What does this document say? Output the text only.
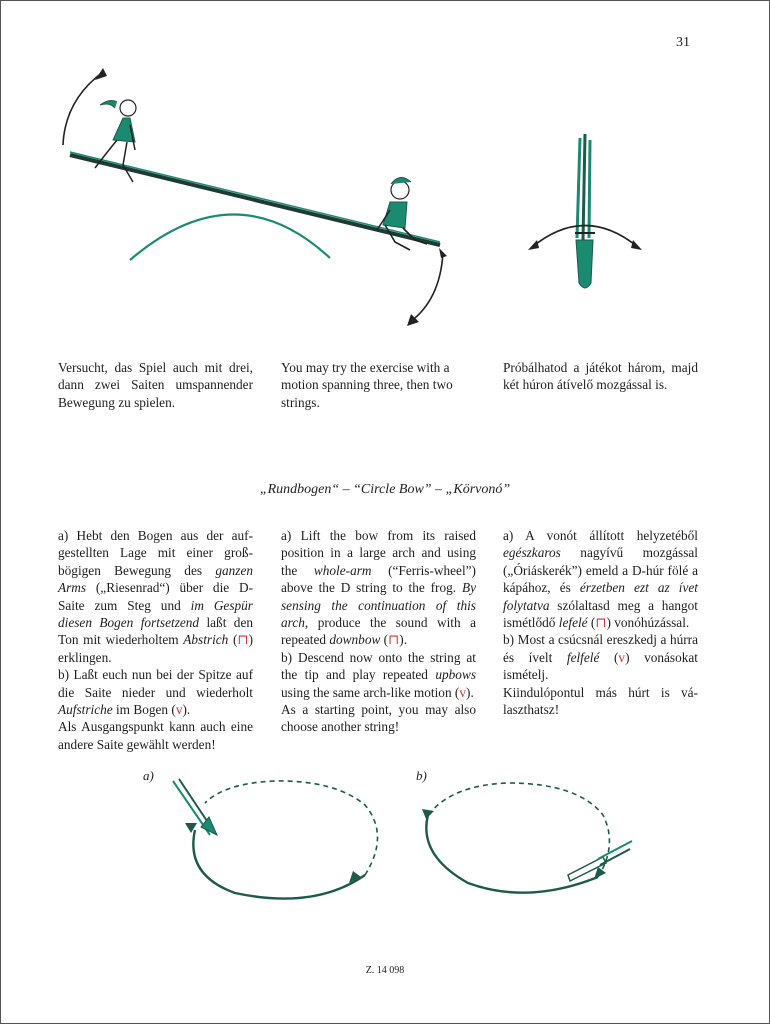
31

Versucht, das Spiel auch mit drei, dann zwei Saiten umspannender Bewegung zu spielen.

You may try the exercise with a motion spanning three, then two strings.

Próbálhatod a játékot három, majd két húron átívelő mozgással is.

„Rundbogen“ – “Circle Bow” – „Körvonó”

a) Hebt den Bogen aus der aufgestellten Lage mit einer großbögigen Bewegung des ganzen Arms („Riesenrad“) über die D-Saite zum Steg und im Gespür diesen Bogen fortsetzend laßt den Ton mit wiederholtem Abstrich (⊓) erklingen.

b) Laßt euch nun bei der Spitze auf die Saite nieder und wiederholt Aufstriche im Bogen (v).

Als Ausgangspunkt kann auch eine andere Saite gewählt werden!

a) Lift the bow from its raised position in a large arch and using the whole-arm (“Ferris-wheel”) above the D string to the frog. By sensing the continuation of this arch, produce the sound with a repeated downbow (⊓).

b) Descend now onto the string at the tip and play repeated upbows using the same arch-like motion (v).

As a starting point, you may also choose another string!

a) A vonót állított helyzetéből egészkaros nagyívű mozgással („Óriáskerék”) emeld a D-húr fölé a kápához, és érzetben ezt az ívet folytatva szólaltasd meg a hangot ismétlődő lefelé (⊓) vonóhúzással.

b) Most a csúcsnál ereszkedj a húrra és ívelt felfelé (v) vonásokat ismételj.

Kiindulópontul más húrt is választhatsz!

a)	b)
Z. 14 098
